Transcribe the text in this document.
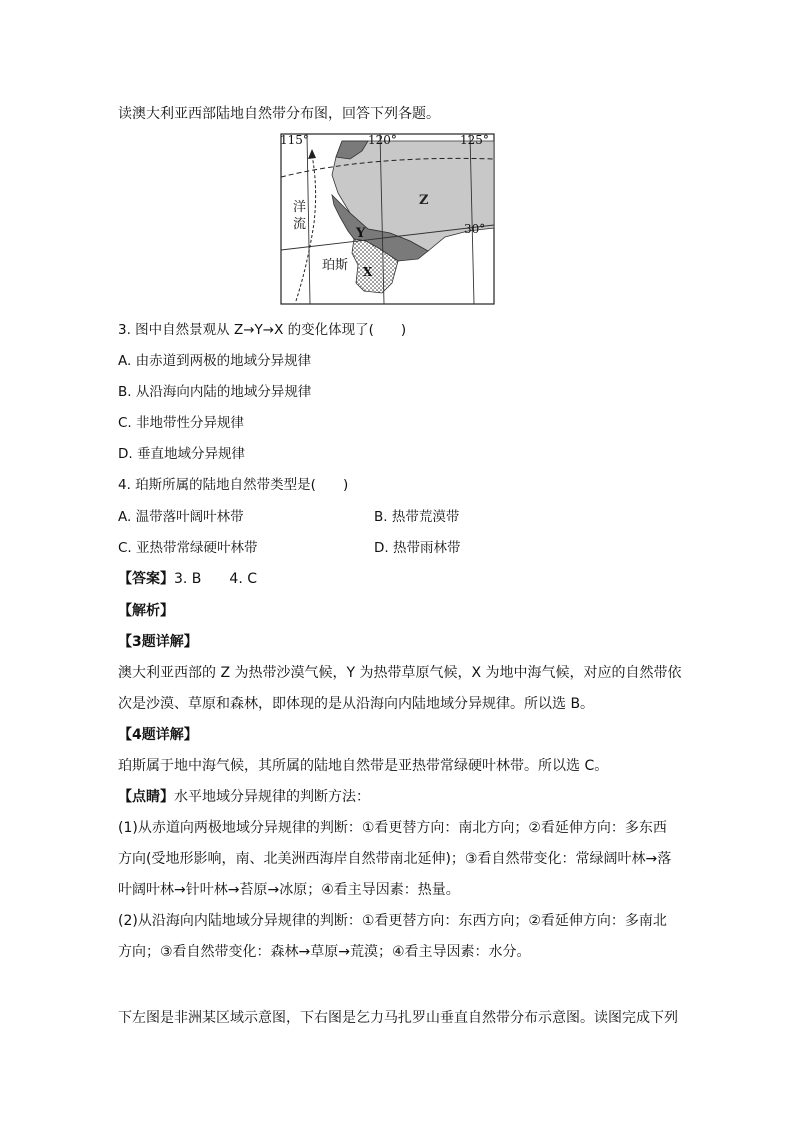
读澳大利亚西部陆地自然带分布图，回答下列各题。
115°	120°	125°
30°
洋
流
珀斯
Z
Y
X
3. 图中自然景观从 Z→Y→X 的变化体现了(　　)
A. 由赤道到两极的地域分异规律
B. 从沿海向内陆的地域分异规律
C. 非地带性分异规律
D. 垂直地域分异规律
4. 珀斯所属的陆地自然带类型是(　　)
A. 温带落叶阔叶林带	B. 热带荒漠带
C. 亚热带常绿硬叶林带	D. 热带雨林带
【答案】3. B　　4. C
【解析】
【3题详解】
澳大利亚西部的 Z 为热带沙漠气候，Y 为热带草原气候，X 为地中海气候，对应的自然带依
次是沙漠、草原和森林，即体现的是从沿海向内陆地域分异规律。所以选 B。
【4题详解】
珀斯属于地中海气候，其所属的陆地自然带是亚热带常绿硬叶林带。所以选 C。
【点睛】水平地域分异规律的判断方法：
(1)从赤道向两极地域分异规律的判断：①看更替方向：南北方向；②看延伸方向：多东西
方向(受地形影响，南、北美洲西海岸自然带南北延伸)；③看自然带变化：常绿阔叶林→落
叶阔叶林→针叶林→苔原→冰原；④看主导因素：热量。
(2)从沿海向内陆地域分异规律的判断：①看更替方向：东西方向；②看延伸方向：多南北
方向；③看自然带变化：森林→草原→荒漠；④看主导因素：水分。
下左图是非洲某区域示意图，下右图是乞力马扎罗山垂直自然带分布示意图。读图完成下列
